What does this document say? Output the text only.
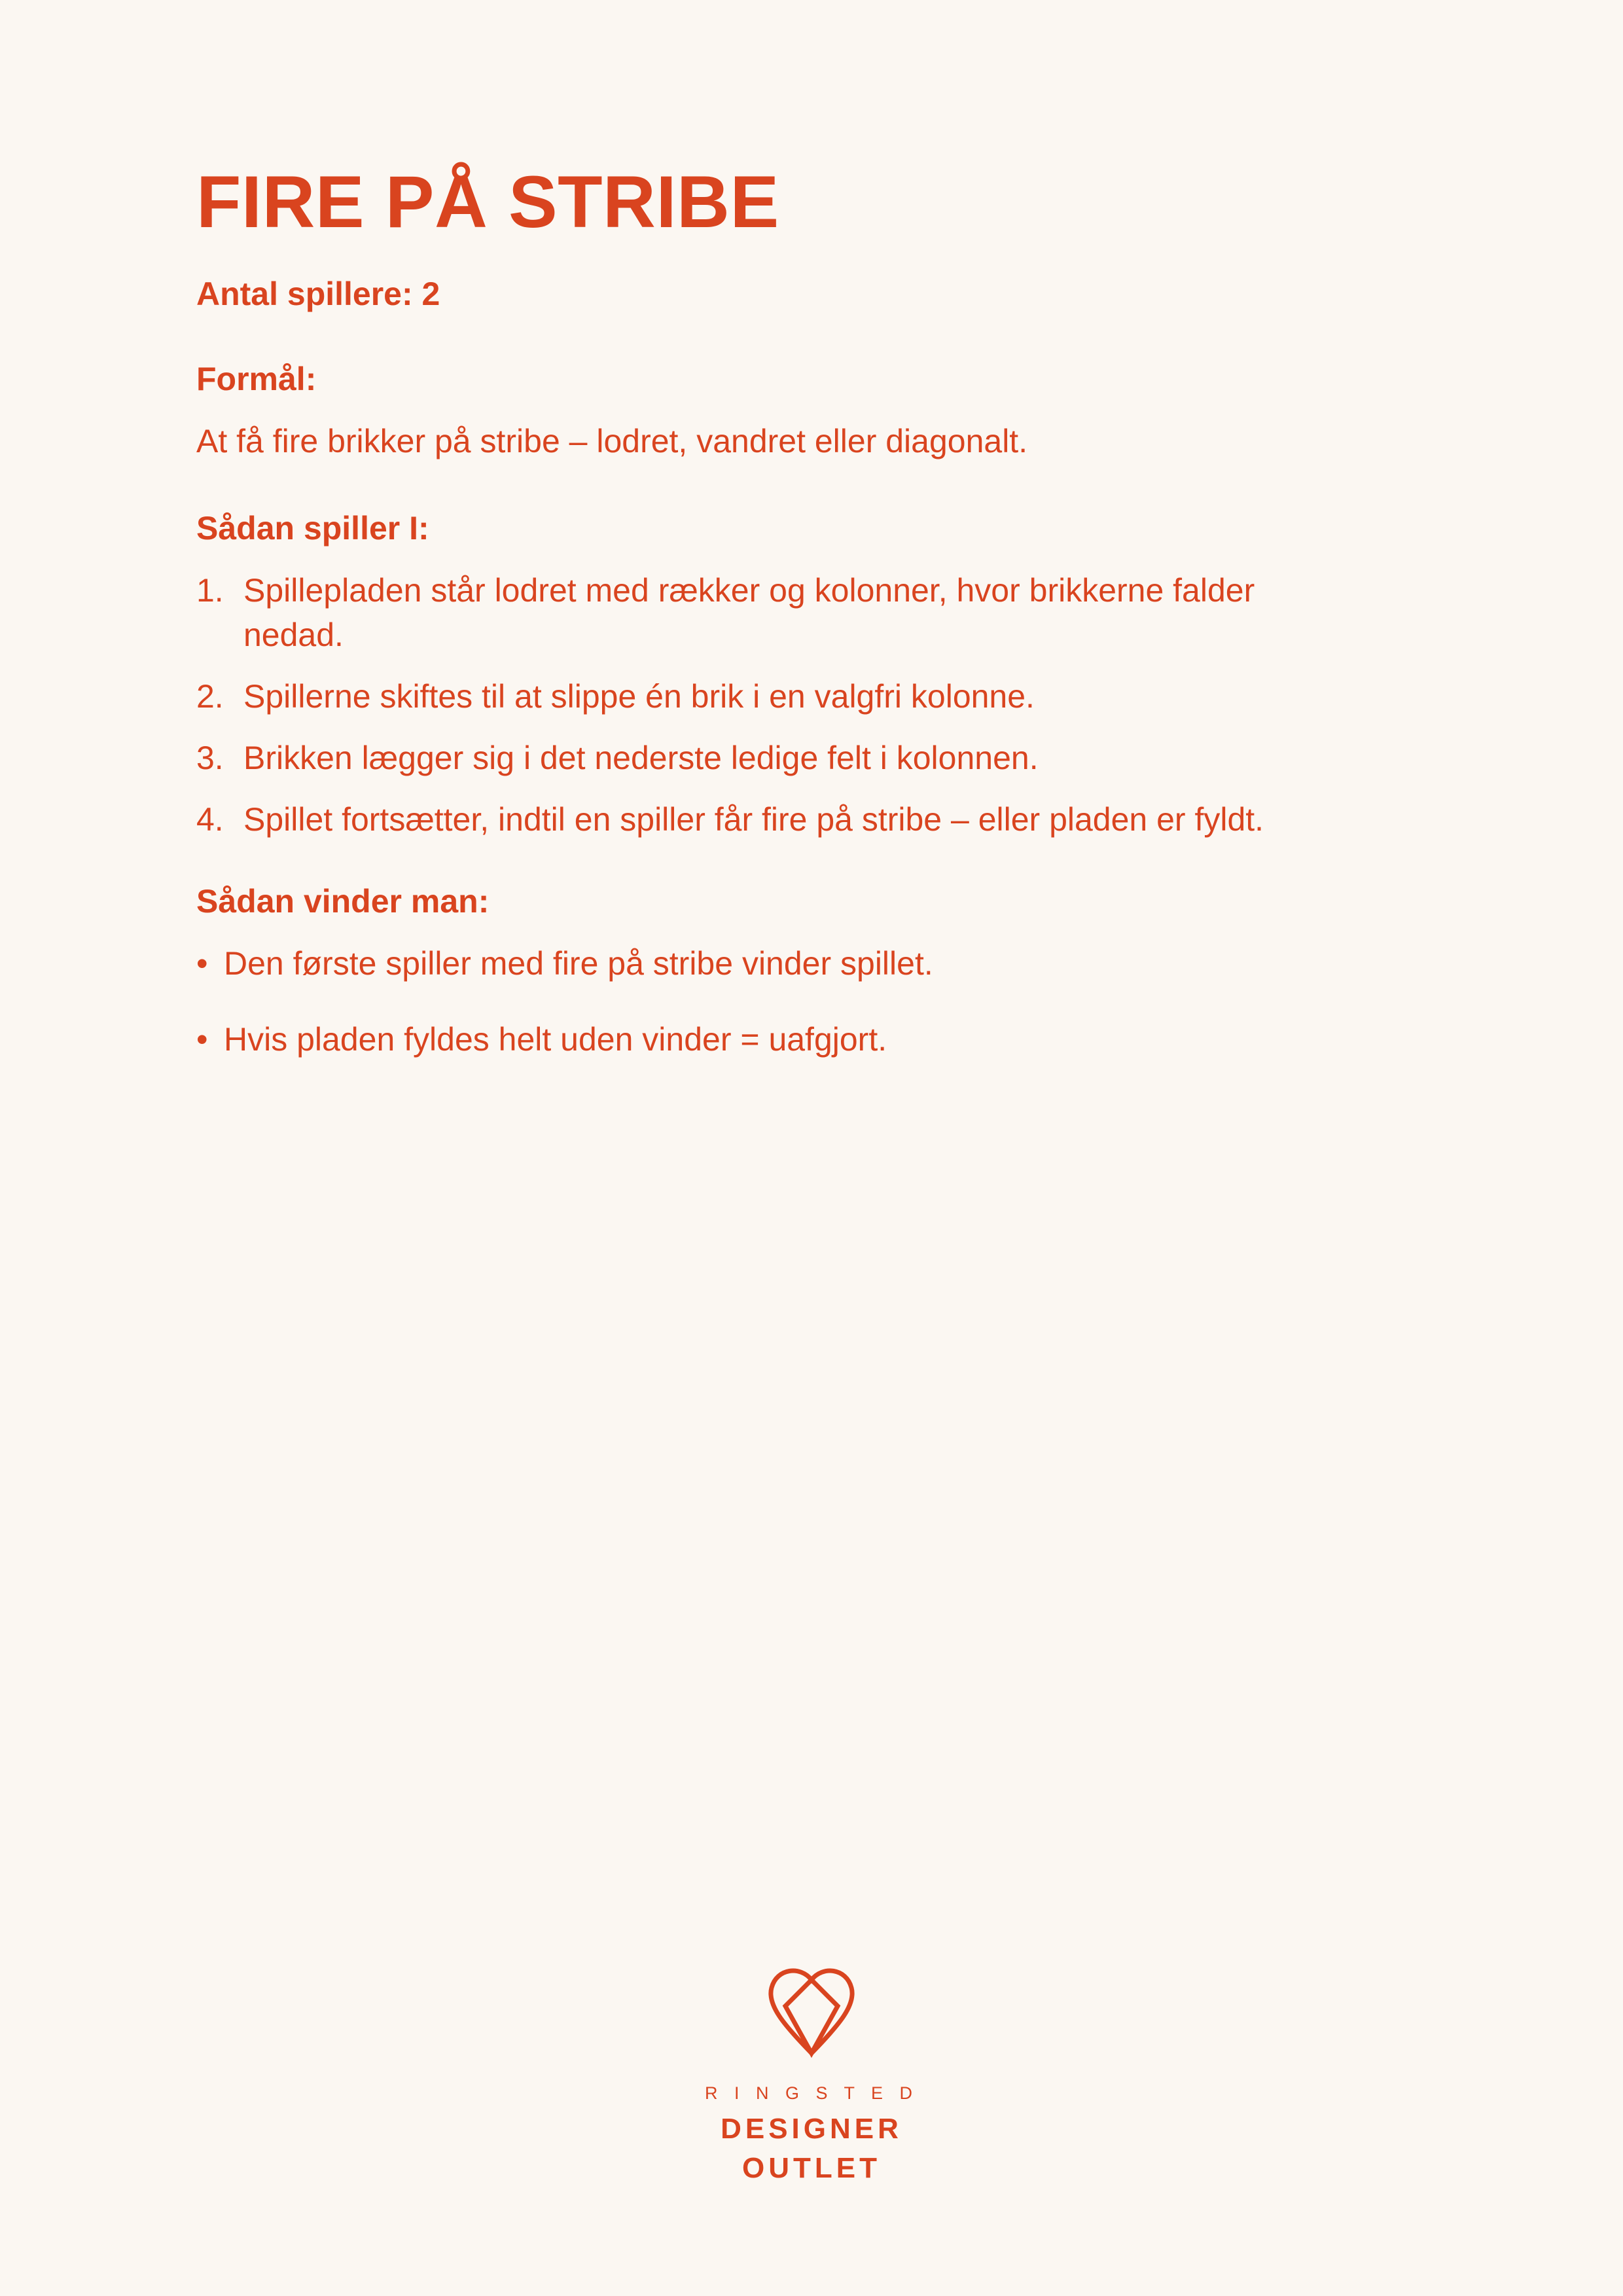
FIRE PÅ STRIBE
Antal spillere: 2
Formål:

At få fire brikker på stribe – lodret, vandret eller diagonalt.

Sådan spiller I:
1. Spillepladen står lodret med rækker og kolonner, hvor brikkerne falder nedad.
2. Spillerne skiftes til at slippe én brik i en valgfri kolonne.
3. Brikken lægger sig i det nederste ledige felt i kolonnen.
4. Spillet fortsætter, indtil en spiller får fire på stribe – eller pladen er fyldt.
Sådan vinder man:
• Den første spiller med fire på stribe vinder spillet.
• Hvis pladen fyldes helt uden vinder = uafgjort.
R I N G S T E D
DESIGNER
OUTLET
